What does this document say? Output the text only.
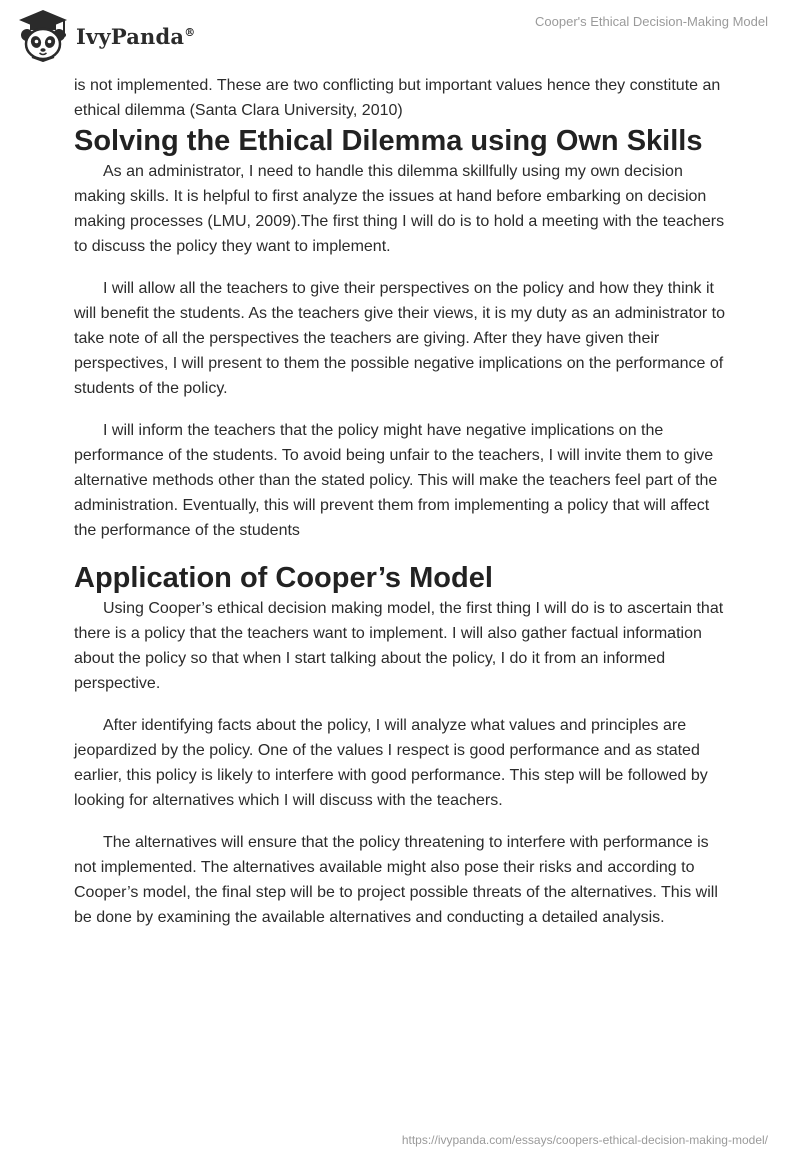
IvyPanda®
Cooper's Ethical Decision-Making Model

is not implemented. These are two conflicting but important values hence they constitute an ethical dilemma (Santa Clara University, 2010)

Solving the Ethical Dilemma using Own Skills

As an administrator, I need to handle this dilemma skillfully using my own decision making skills. It is helpful to first analyze the issues at hand before embarking on decision making processes (LMU, 2009).The first thing I will do is to hold a meeting with the teachers to discuss the policy they want to implement.

I will allow all the teachers to give their perspectives on the policy and how they think it will benefit the students. As the teachers give their views, it is my duty as an administrator to take note of all the perspectives the teachers are giving. After they have given their perspectives, I will present to them the possible negative implications on the performance of students of the policy.

I will inform the teachers that the policy might have negative implications on the performance of the students. To avoid being unfair to the teachers, I will invite them to give alternative methods other than the stated policy. This will make the teachers feel part of the administration. Eventually, this will prevent them from implementing a policy that will affect the performance of the students

Application of Cooper’s Model

Using Cooper’s ethical decision making model, the first thing I will do is to ascertain that there is a policy that the teachers want to implement. I will also gather factual information about the policy so that when I start talking about the policy, I do it from an informed perspective.

After identifying facts about the policy, I will analyze what values and principles are jeopardized by the policy. One of the values I respect is good performance and as stated earlier, this policy is likely to interfere with good performance. This step will be followed by looking for alternatives which I will discuss with the teachers.

The alternatives will ensure that the policy threatening to interfere with performance is not implemented. The alternatives available might also pose their risks and according to Cooper’s model, the final step will be to project possible threats of the alternatives. This will be done by examining the available alternatives and conducting a detailed analysis.

https://ivypanda.com/essays/coopers-ethical-decision-making-model/
